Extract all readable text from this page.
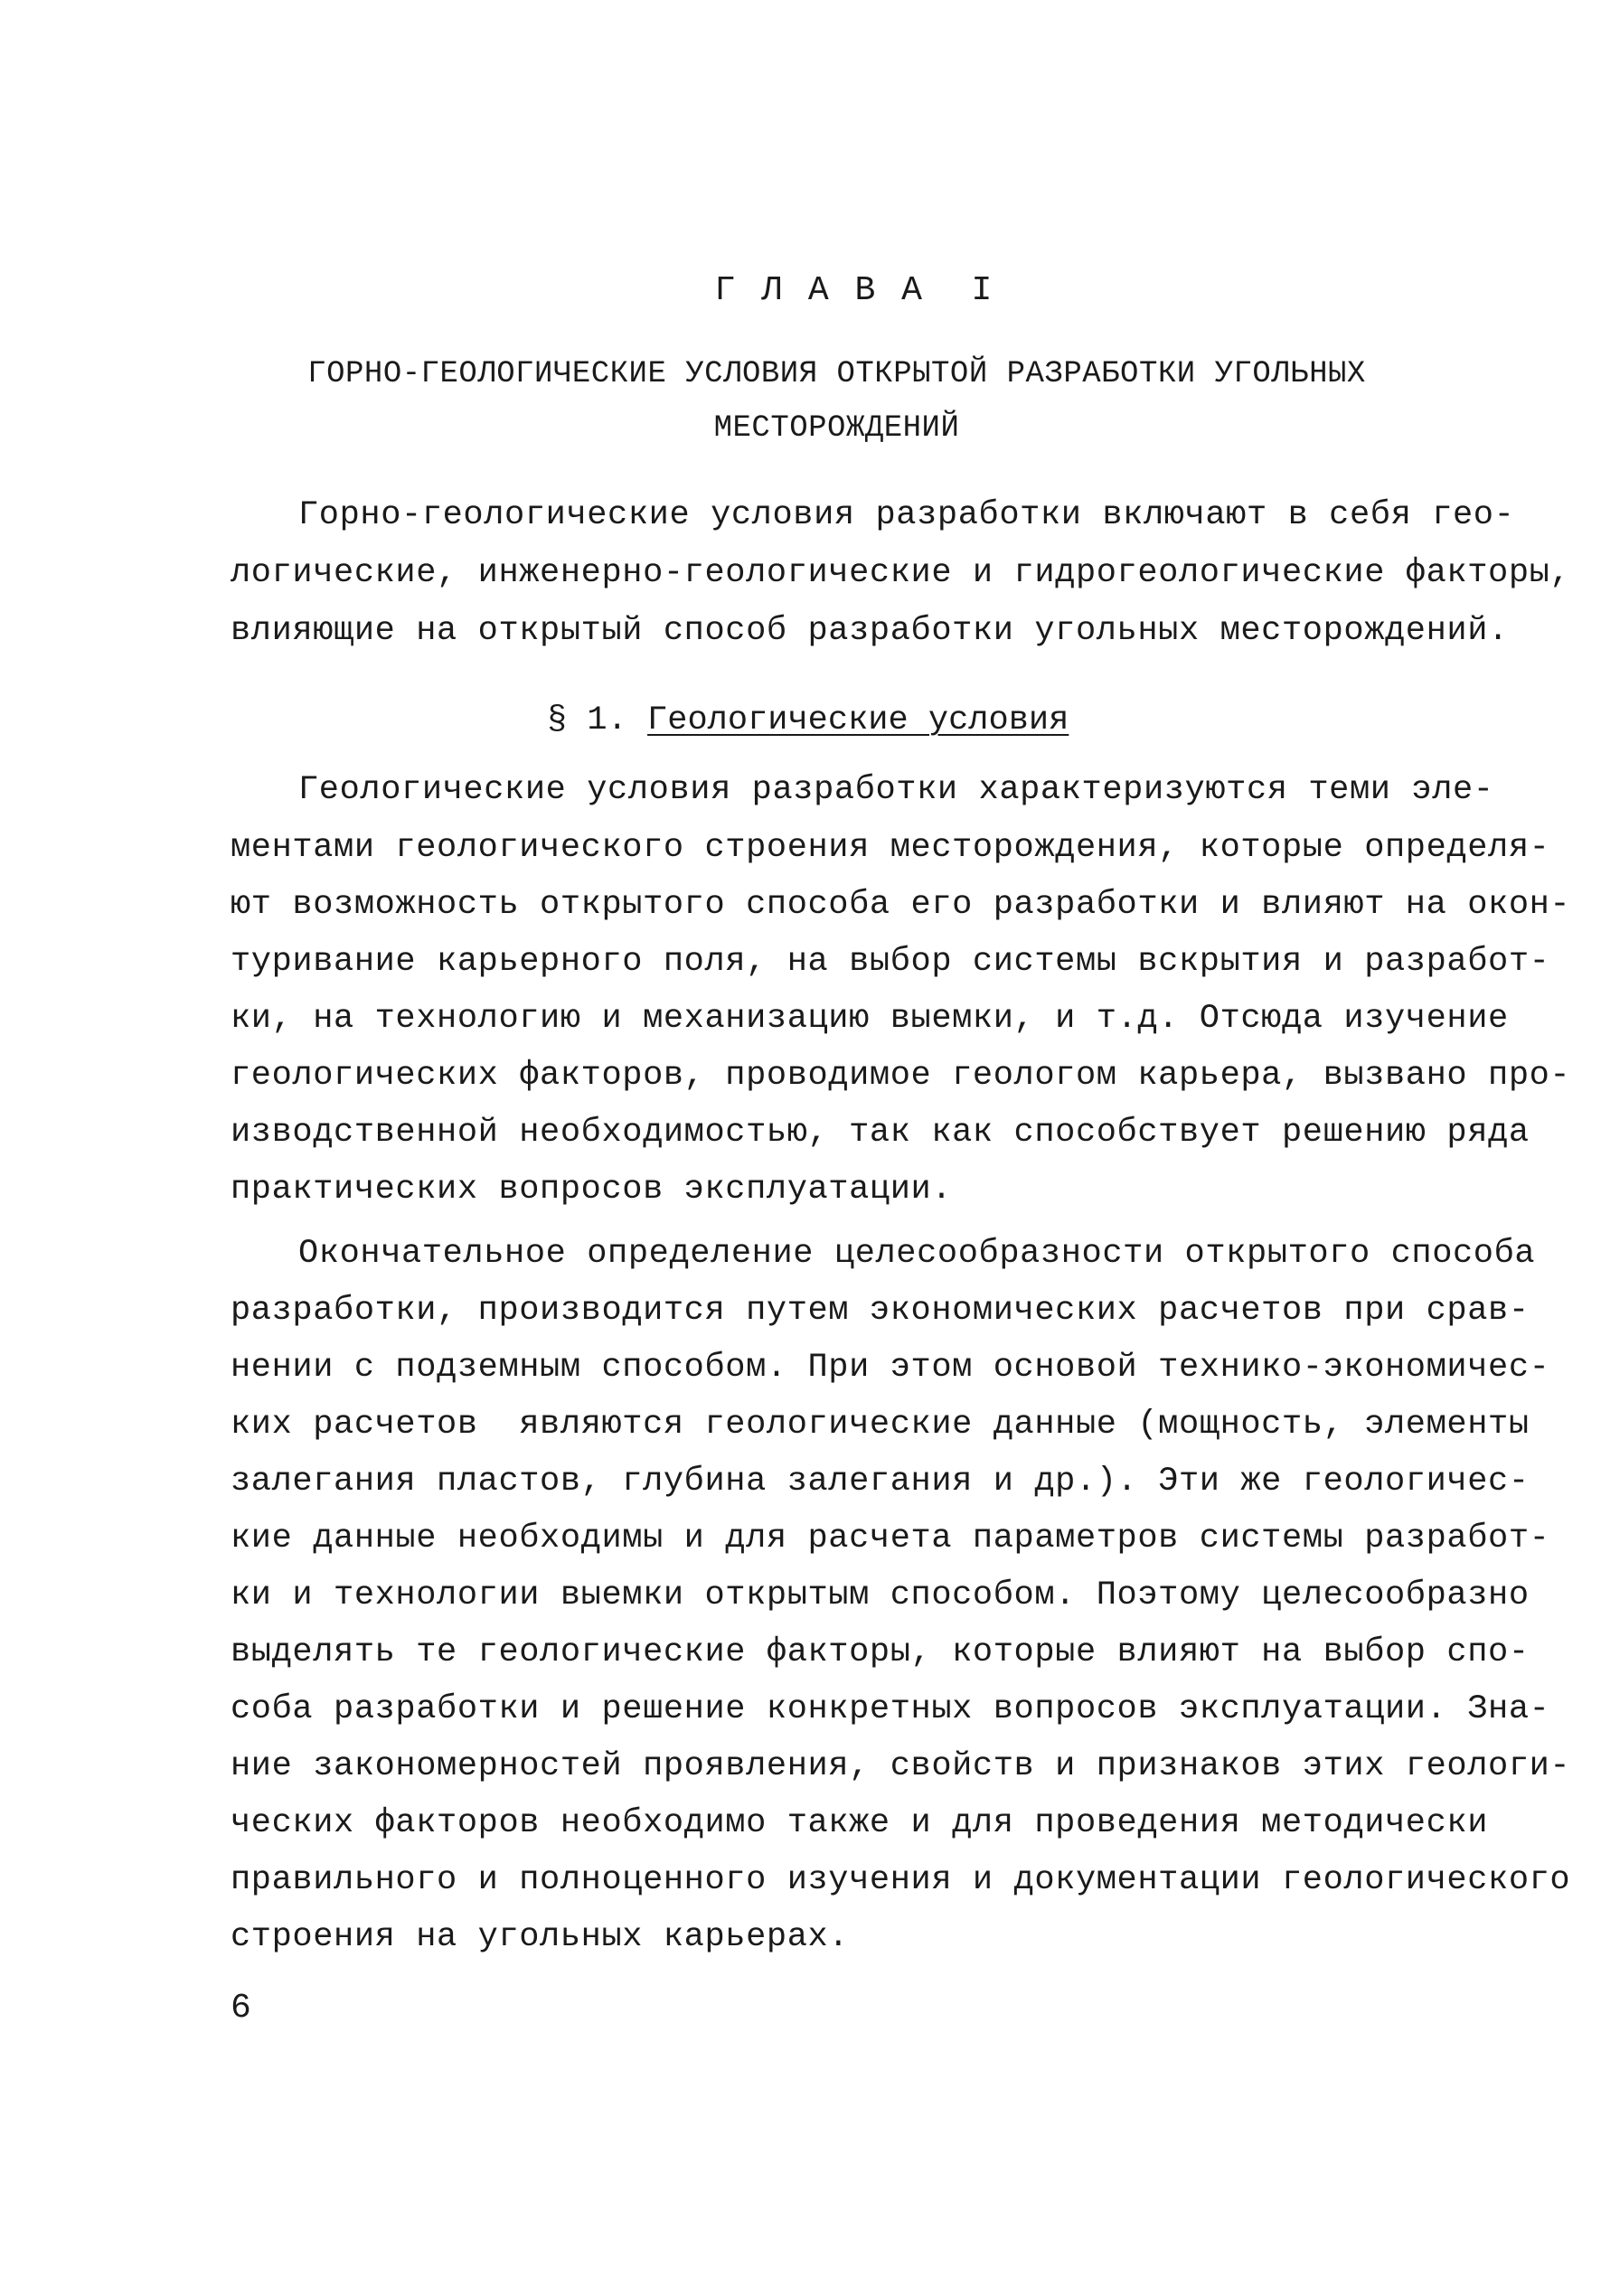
Г Л А В А  I
ГОРНО-ГЕОЛОГИЧЕСКИЕ УСЛОВИЯ ОТКРЫТОЙ РАЗРАБОТКИ УГОЛЬНЫХ
МЕСТОРОЖДЕНИЙ
Горно-геологические условия разработки включают в себя гео-
логические, инженерно-геологические и гидрогеологические факторы,
влияющие на открытый способ разработки угольных месторождений.
§ 1. Геологические условия
Геологические условия разработки характеризуются теми эле-
ментами геологического строения месторождения, которые определя-
ют возможность открытого способа его разработки и влияют на окон-
туривание карьерного поля, на выбор системы вскрытия и разработ-
ки, на технологию и механизацию выемки, и т.д. Отсюда изучение
геологических факторов, проводимое геологом карьера, вызвано про-
изводственной необходимостью, так как способствует решению ряда
практических вопросов эксплуатации.
Окончательное определение целесообразности открытого способа
разработки, производится путем экономических расчетов при срав-
нении с подземным способом. При этом основой технико-экономичес-
ких расчетов  являются геологические данные (мощность, элементы
залегания пластов, глубина залегания и др.). Эти же геологичес-
кие данные необходимы и для расчета параметров системы разработ-
ки и технологии выемки открытым способом. Поэтому целесообразно
выделять те геологические факторы, которые влияют на выбор спо-
соба разработки и решение конкретных вопросов эксплуатации. Зна-
ние закономерностей проявления, свойств и признаков этих геологи-
ческих факторов необходимо также и для проведения методически
правильного и полноценного изучения и документации геологического
строения на угольных карьерах.
6
